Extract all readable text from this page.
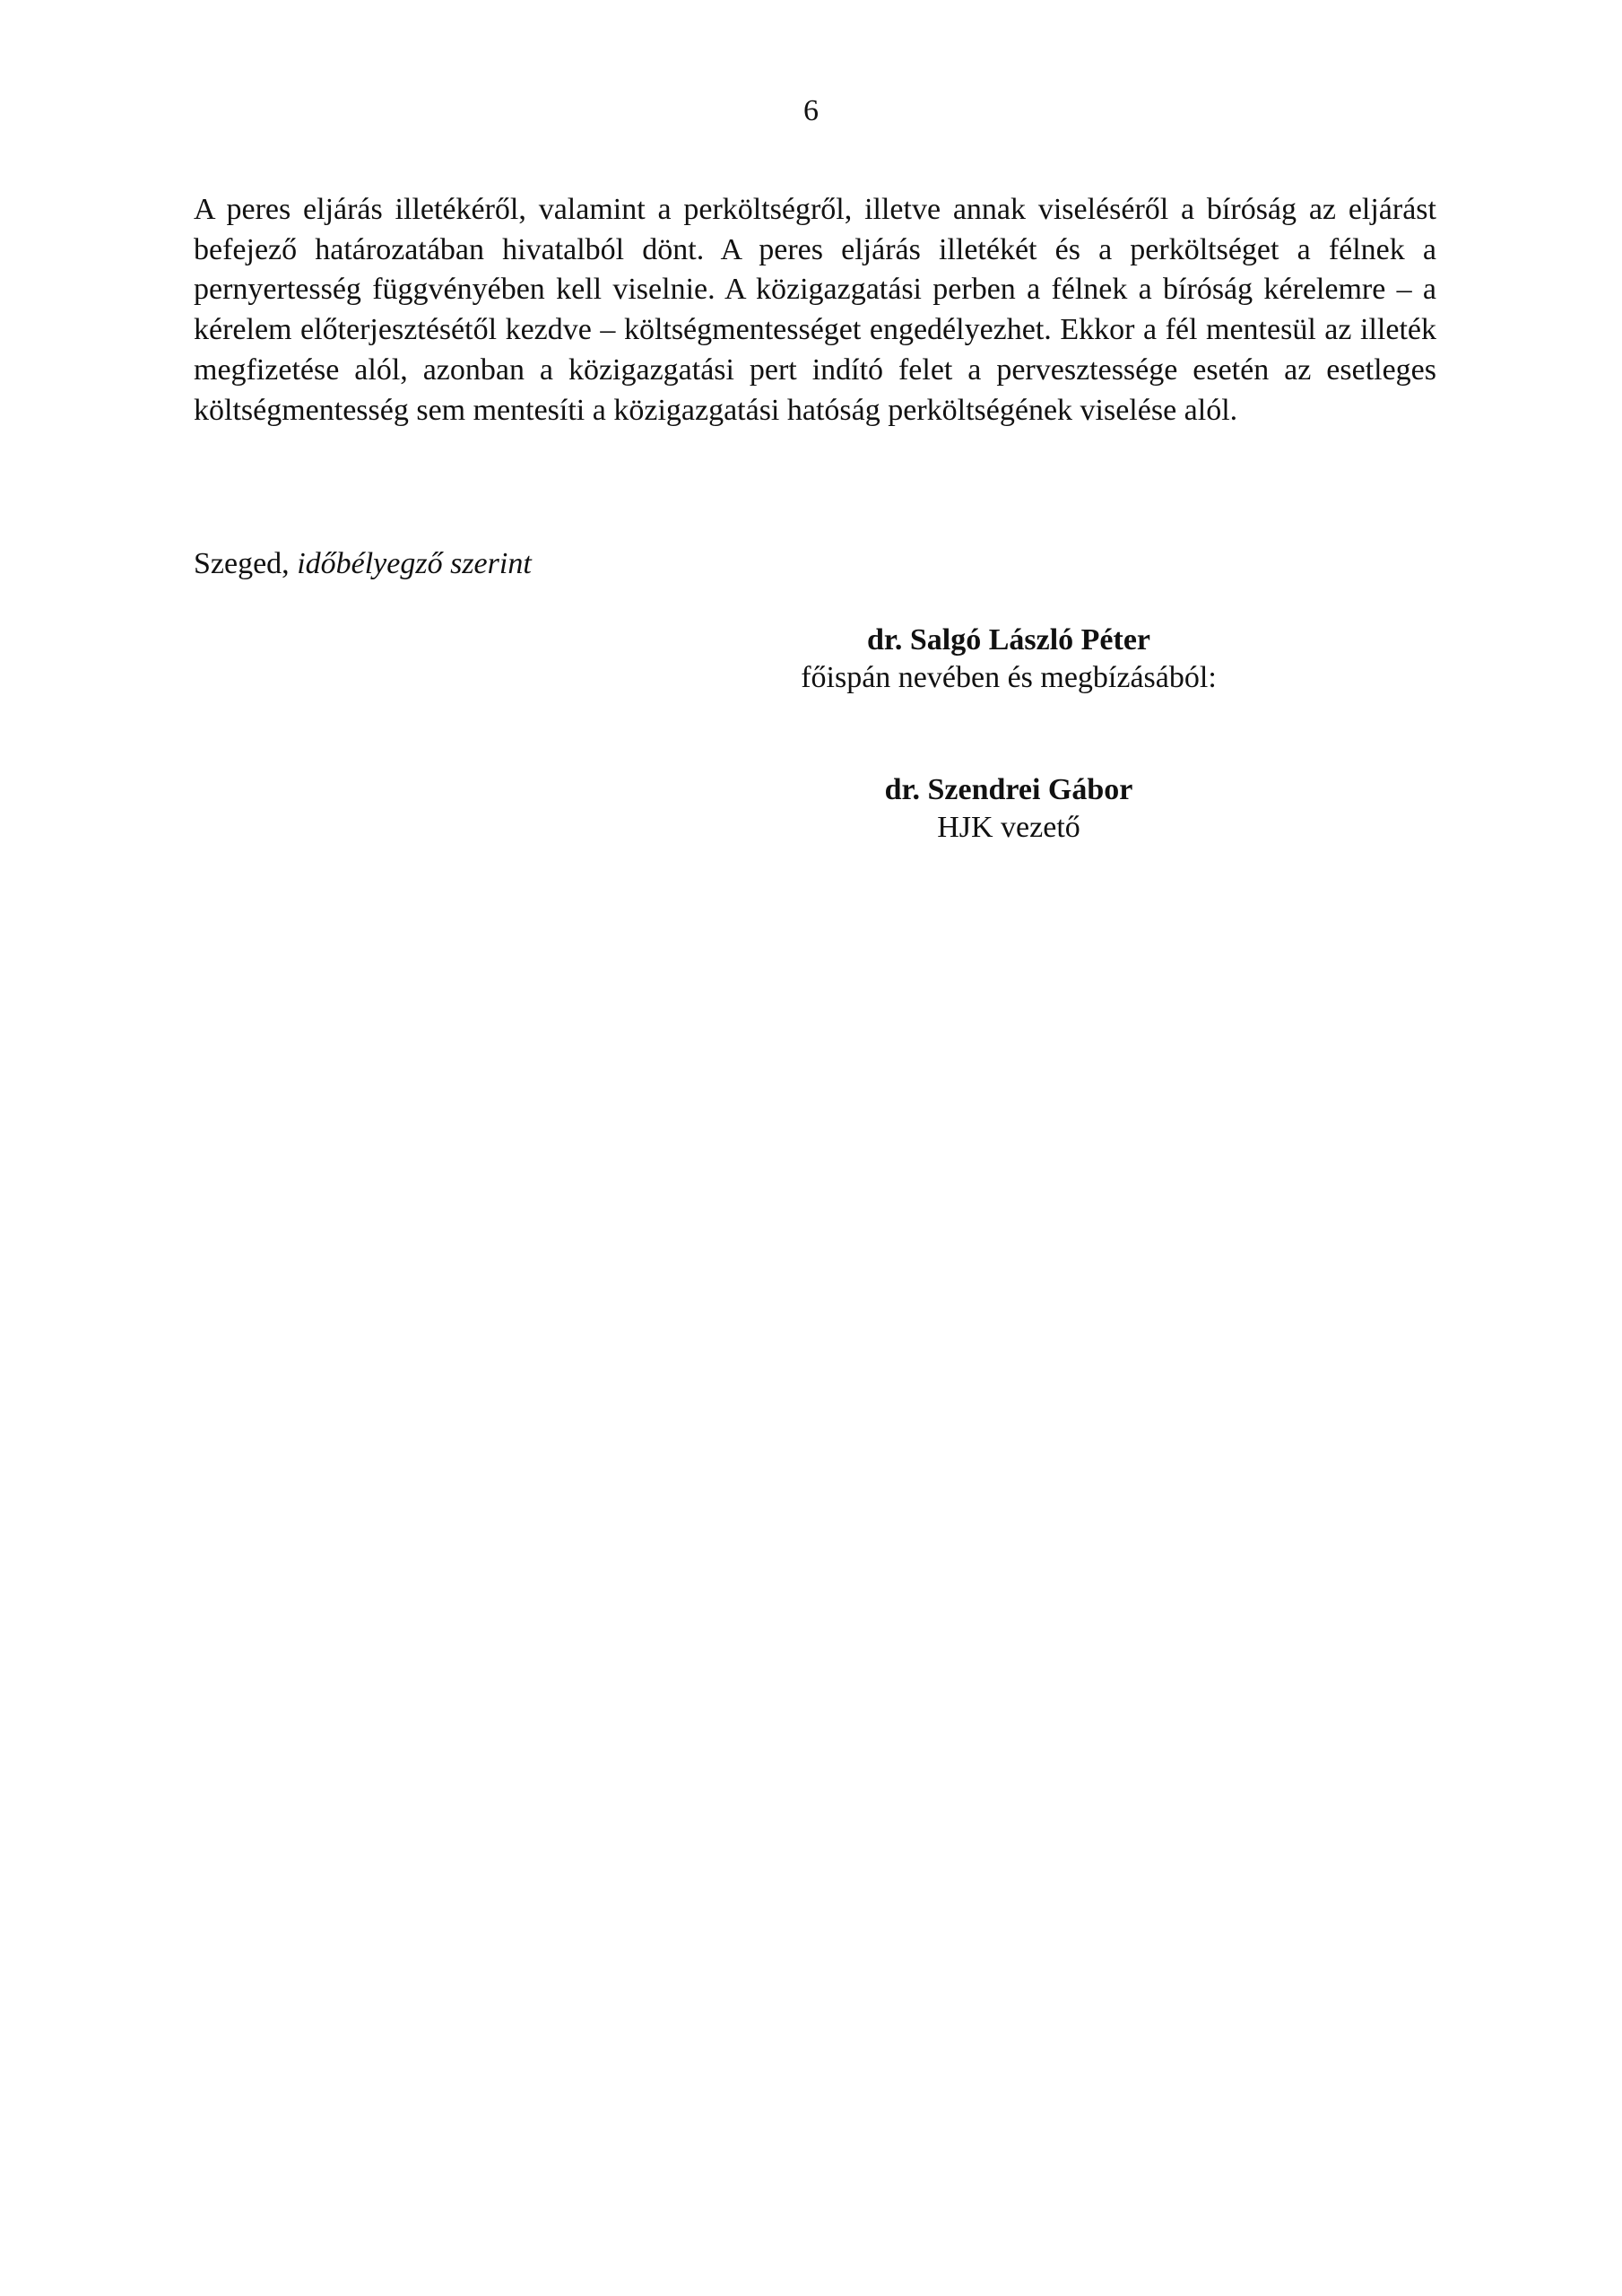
6

A peres eljárás illetékéről, valamint a perköltségről, illetve annak viseléséről a bíróság az eljárást befejező határozatában hivatalból dönt. A peres eljárás illetékét és a perköltséget a félnek a pernyertesség függvényében kell viselnie. A közigazgatási perben a félnek a bíróság kérelemre – a kérelem előterjesztésétől kezdve – költségmentességet engedélyezhet. Ekkor a fél mentesül az illeték megfizetése alól, azonban a közigazgatási pert indító felet a pervesztessége esetén az esetleges költségmentesség sem mentesíti a közigazgatási hatóság perköltségének viselése alól.

Szeged, időbélyegző szerint
dr. Salgó László Péter
főispán nevében és megbízásából:
dr. Szendrei Gábor
HJK vezető
